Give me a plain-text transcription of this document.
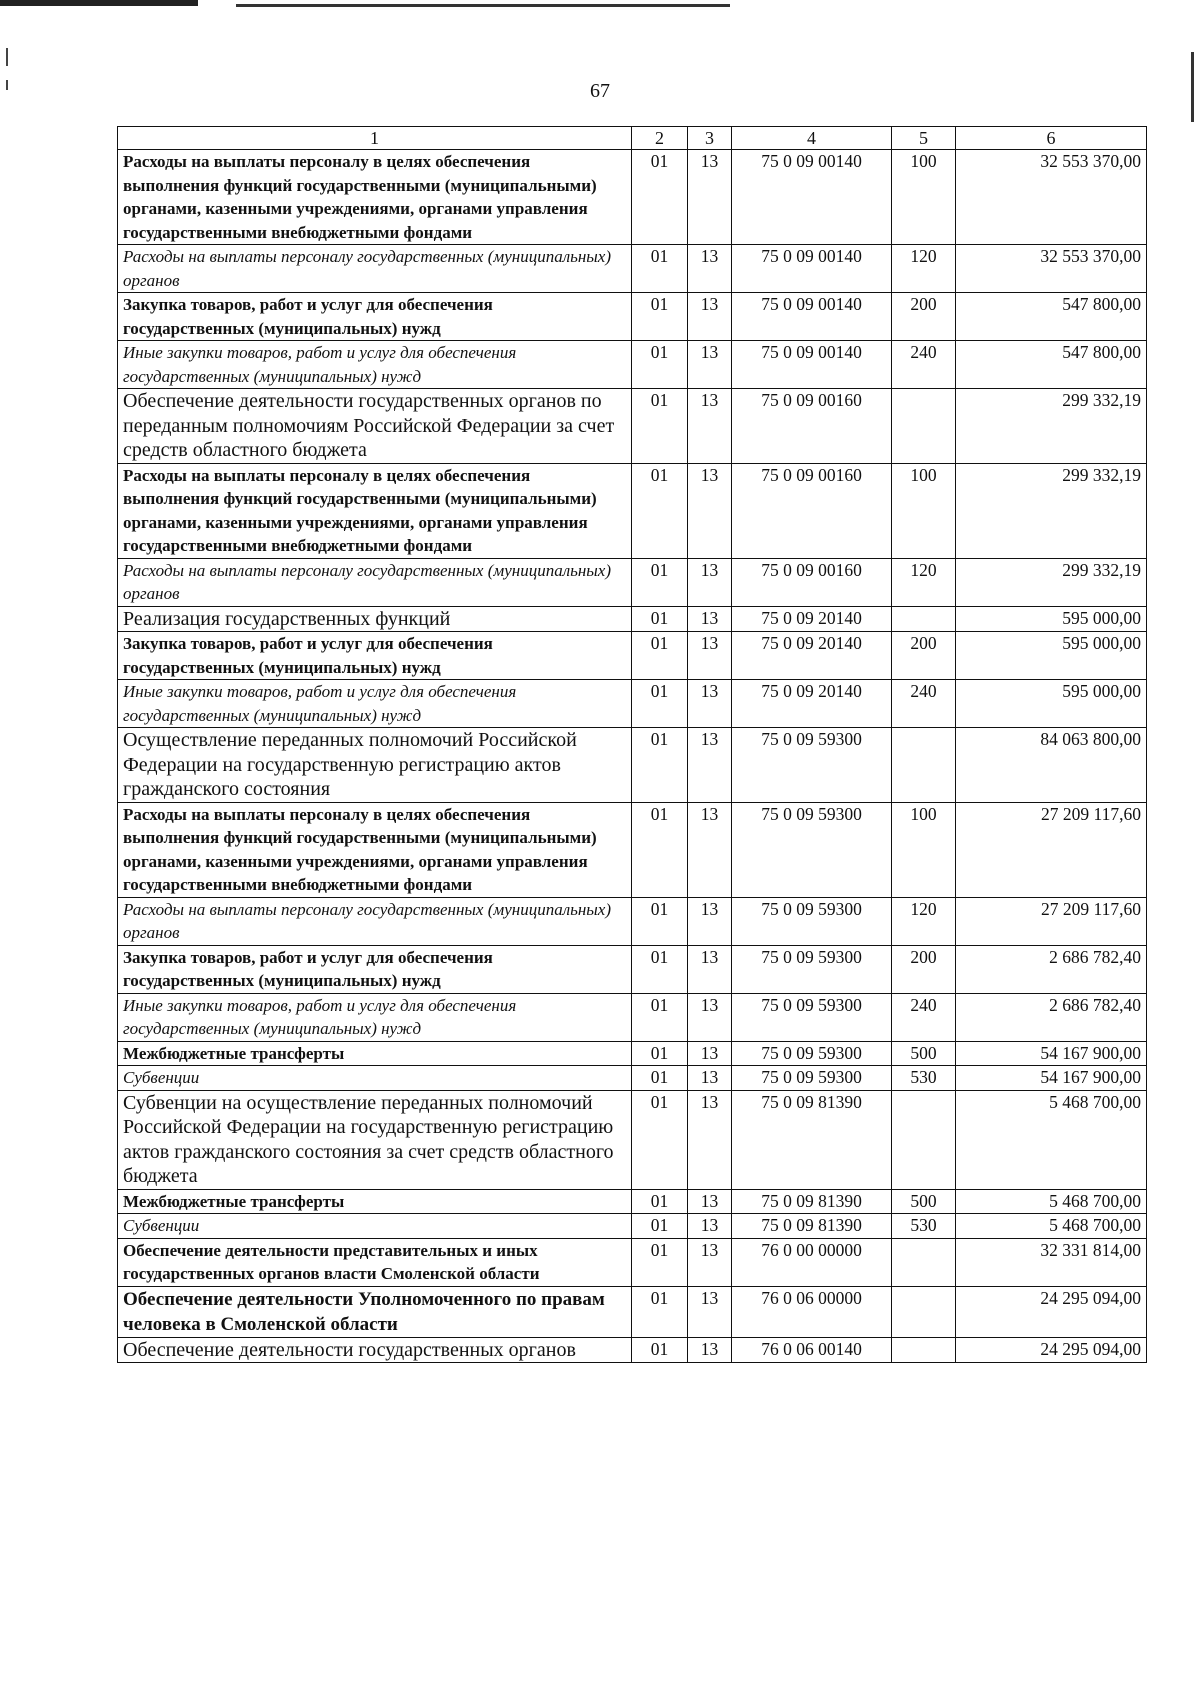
67
1	2	3	4	5	6
Расходы на выплаты персоналу в целях обеспечения выполнения функций государственными (муниципальными) органами, казенными учреждениями, органами управления государственными внебюджетными фондами	01	13	75 0 09 00140	100	32 553 370,00
Расходы на выплаты персоналу государственных (муниципальных) органов	01	13	75 0 09 00140	120	32 553 370,00
Закупка товаров, работ и услуг для обеспечения государственных (муниципальных) нужд	01	13	75 0 09 00140	200	547 800,00
Иные закупки товаров, работ и услуг для обеспечения государственных (муниципальных) нужд	01	13	75 0 09 00140	240	547 800,00
Обеспечение деятельности государственных органов по переданным полномочиям Российской Федерации за счет средств областного бюджета	01	13	75 0 09 00160		299 332,19
Расходы на выплаты персоналу в целях обеспечения выполнения функций государственными (муниципальными) органами, казенными учреждениями, органами управления государственными внебюджетными фондами	01	13	75 0 09 00160	100	299 332,19
Расходы на выплаты персоналу государственных (муниципальных) органов	01	13	75 0 09 00160	120	299 332,19
Реализация государственных функций	01	13	75 0 09 20140		595 000,00
Закупка товаров, работ и услуг для обеспечения государственных (муниципальных) нужд	01	13	75 0 09 20140	200	595 000,00
Иные закупки товаров, работ и услуг для обеспечения государственных (муниципальных) нужд	01	13	75 0 09 20140	240	595 000,00
Осуществление переданных полномочий Российской Федерации на государственную регистрацию актов гражданского состояния	01	13	75 0 09 59300		84 063 800,00
Расходы на выплаты персоналу в целях обеспечения выполнения функций государственными (муниципальными) органами, казенными учреждениями, органами управления государственными внебюджетными фондами	01	13	75 0 09 59300	100	27 209 117,60
Расходы на выплаты персоналу государственных (муниципальных) органов	01	13	75 0 09 59300	120	27 209 117,60
Закупка товаров, работ и услуг для обеспечения государственных (муниципальных) нужд	01	13	75 0 09 59300	200	2 686 782,40
Иные закупки товаров, работ и услуг для обеспечения государственных (муниципальных) нужд	01	13	75 0 09 59300	240	2 686 782,40
Межбюджетные трансферты	01	13	75 0 09 59300	500	54 167 900,00
Субвенции	01	13	75 0 09 59300	530	54 167 900,00
Субвенции на осуществление переданных полномочий Российской Федерации на государственную регистрацию актов гражданского состояния за счет средств областного бюджета	01	13	75 0 09 81390		5 468 700,00
Межбюджетные трансферты	01	13	75 0 09 81390	500	5 468 700,00
Субвенции	01	13	75 0 09 81390	530	5 468 700,00
Обеспечение деятельности представительных и иных государственных органов власти Смоленской области	01	13	76 0 00 00000		32 331 814,00
Обеспечение деятельности Уполномоченного по правам человека в Смоленской области	01	13	76 0 06 00000		24 295 094,00
Обеспечение деятельности государственных органов	01	13	76 0 06 00140		24 295 094,00
